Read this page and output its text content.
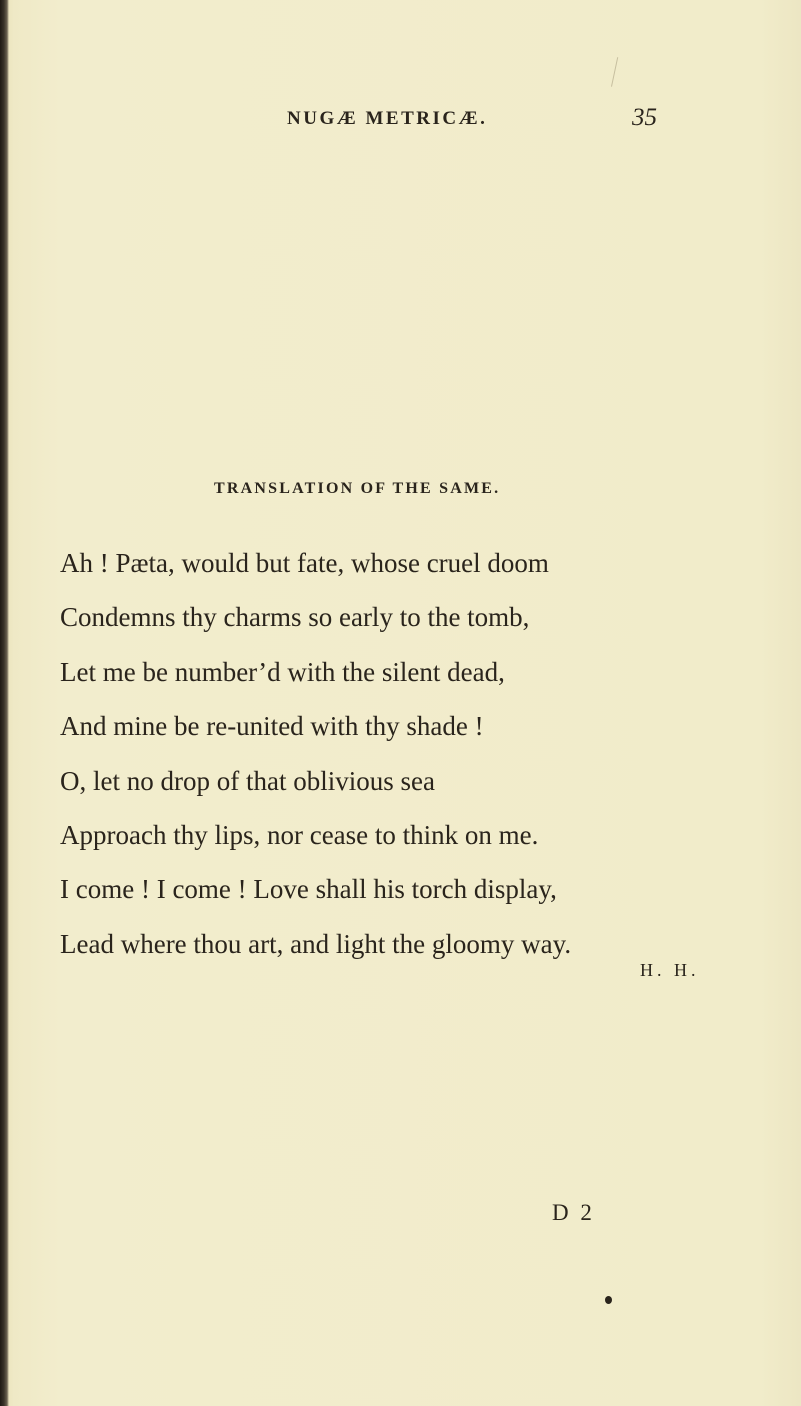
NUGÆ METRICÆ.	35
TRANSLATION OF THE SAME.
Ah ! Pæta, would but fate, whose cruel doom
Condemns thy charms so early to the tomb,
Let me be number’d with the silent dead,
And mine be re-united with thy shade !
O, let no drop of that oblivious sea
Approach thy lips, nor cease to think on me.
I come ! I come ! Love shall his torch display,
Lead where thou art, and light the gloomy way.
H. H.
D 2
